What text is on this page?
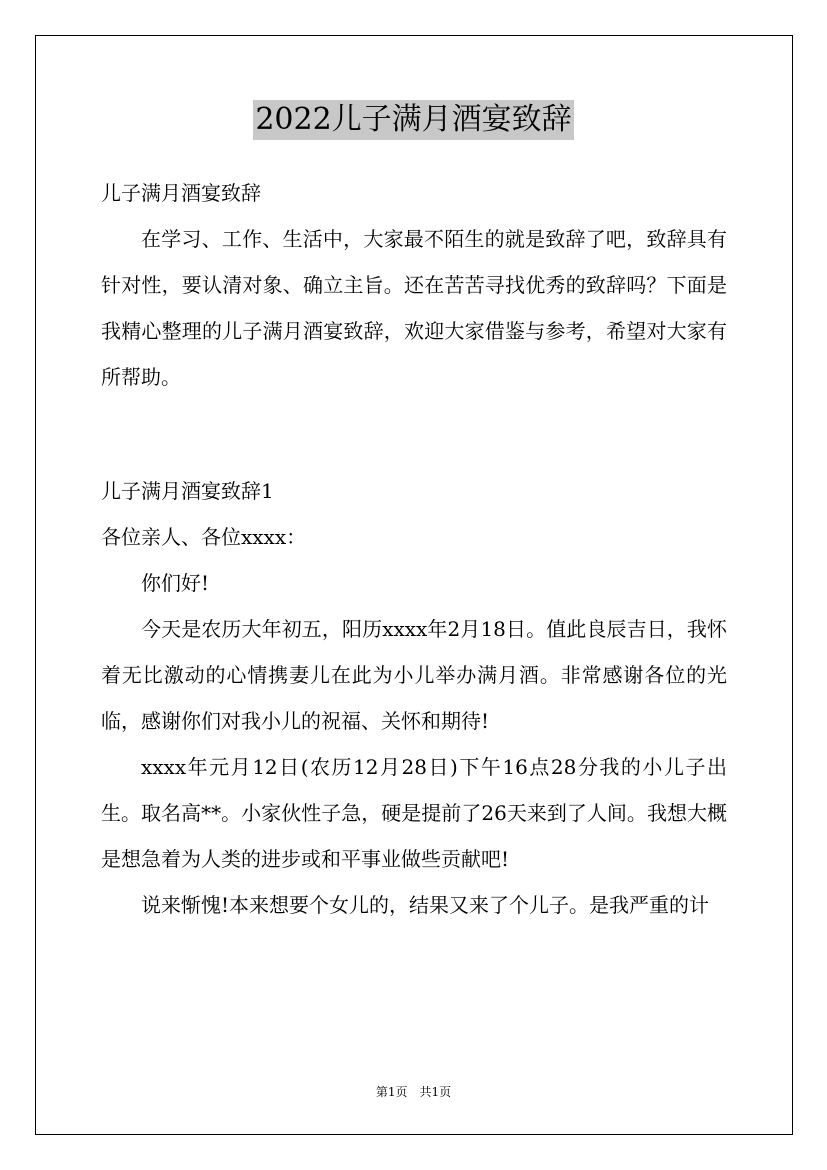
2022儿子满月酒宴致辞

儿子满月酒宴致辞

在学习、工作、生活中，大家最不陌生的就是致辞了吧，致辞具有针对性，要认清对象、确立主旨。还在苦苦寻找优秀的致辞吗？下面是我精心整理的儿子满月酒宴致辞，欢迎大家借鉴与参考，希望对大家有所帮助。

儿子满月酒宴致辞1

各位亲人、各位xxxx：

你们好!

今天是农历大年初五，阳历xxxx年2月18日。值此良辰吉日，我怀着无比激动的心情携妻儿在此为小儿举办满月酒。非常感谢各位的光临，感谢你们对我小儿的祝福、关怀和期待!

xxxx年元月12日(农历12月28日)下午16点28分我的小儿子出生。取名高**。小家伙性子急，硬是提前了26天来到了人间。我想大概是想急着为人类的进步或和平事业做些贡献吧!

说来惭愧!本来想要个女儿的，结果又来了个儿子。是我严重的计

第1页 共1页
